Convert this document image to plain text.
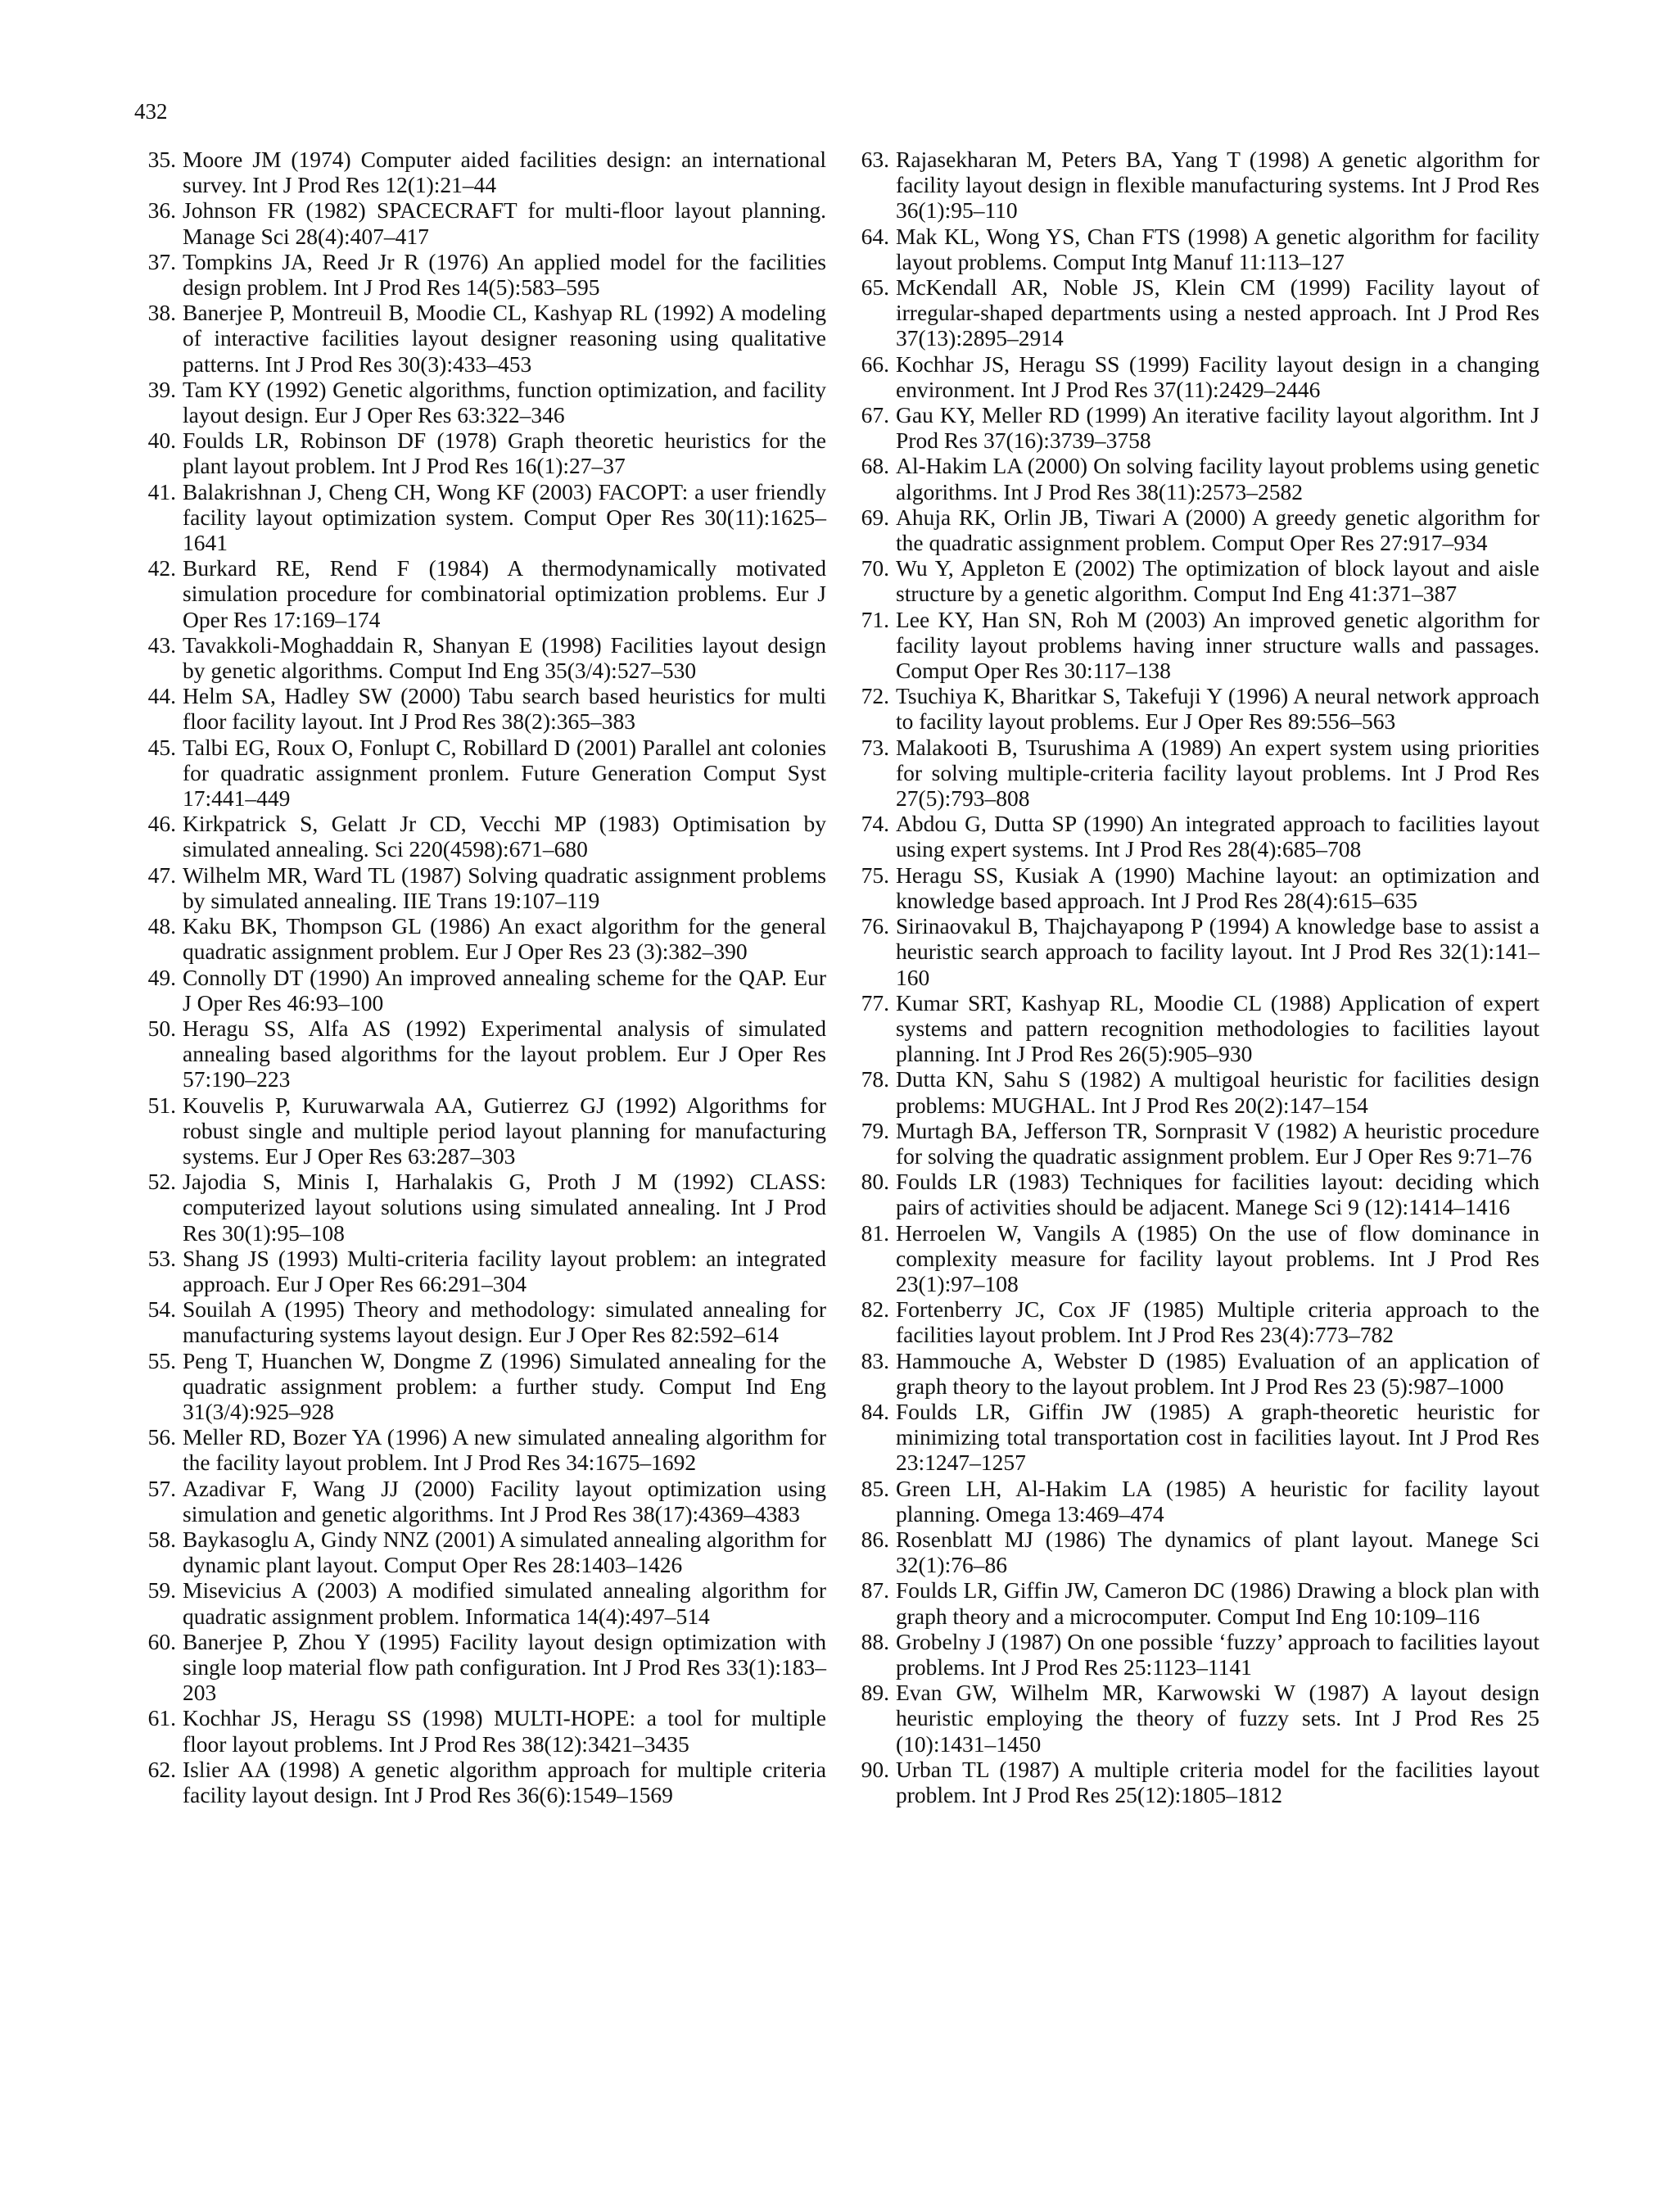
432
35. Moore JM (1974) Computer aided facilities design: an international survey. Int J Prod Res 12(1):21–44
36. Johnson FR (1982) SPACECRAFT for multi-floor layout planning. Manage Sci 28(4):407–417
37. Tompkins JA, Reed Jr R (1976) An applied model for the facilities design problem. Int J Prod Res 14(5):583–595
38. Banerjee P, Montreuil B, Moodie CL, Kashyap RL (1992) A modeling of interactive facilities layout designer reasoning using qualitative patterns. Int J Prod Res 30(3):433–453
39. Tam KY (1992) Genetic algorithms, function optimization, and facility layout design. Eur J Oper Res 63:322–346
40. Foulds LR, Robinson DF (1978) Graph theoretic heuristics for the plant layout problem. Int J Prod Res 16(1):27–37
41. Balakrishnan J, Cheng CH, Wong KF (2003) FACOPT: a user friendly facility layout optimization system. Comput Oper Res 30(11):1625–1641
42. Burkard RE, Rend F (1984) A thermodynamically motivated simulation procedure for combinatorial optimization problems. Eur J Oper Res 17:169–174
43. Tavakkoli-Moghaddain R, Shanyan E (1998) Facilities layout design by genetic algorithms. Comput Ind Eng 35(3/4):527–530
44. Helm SA, Hadley SW (2000) Tabu search based heuristics for multi floor facility layout. Int J Prod Res 38(2):365–383
45. Talbi EG, Roux O, Fonlupt C, Robillard D (2001) Parallel ant colonies for quadratic assignment pronlem. Future Generation Comput Syst 17:441–449
46. Kirkpatrick S, Gelatt Jr CD, Vecchi MP (1983) Optimisation by simulated annealing. Sci 220(4598):671–680
47. Wilhelm MR, Ward TL (1987) Solving quadratic assignment problems by simulated annealing. IIE Trans 19:107–119
48. Kaku BK, Thompson GL (1986) An exact algorithm for the general quadratic assignment problem. Eur J Oper Res 23 (3):382–390
49. Connolly DT (1990) An improved annealing scheme for the QAP. Eur J Oper Res 46:93–100
50. Heragu SS, Alfa AS (1992) Experimental analysis of simulated annealing based algorithms for the layout problem. Eur J Oper Res 57:190–223
51. Kouvelis P, Kuruwarwala AA, Gutierrez GJ (1992) Algorithms for robust single and multiple period layout planning for manufacturing systems. Eur J Oper Res 63:287–303
52. Jajodia S, Minis I, Harhalakis G, Proth J M (1992) CLASS: computerized layout solutions using simulated annealing. Int J Prod Res 30(1):95–108
53. Shang JS (1993) Multi-criteria facility layout problem: an integrated approach. Eur J Oper Res 66:291–304
54. Souilah A (1995) Theory and methodology: simulated annealing for manufacturing systems layout design. Eur J Oper Res 82:592–614
55. Peng T, Huanchen W, Dongme Z (1996) Simulated annealing for the quadratic assignment problem: a further study. Comput Ind Eng 31(3/4):925–928
56. Meller RD, Bozer YA (1996) A new simulated annealing algorithm for the facility layout problem. Int J Prod Res 34:1675–1692
57. Azadivar F, Wang JJ (2000) Facility layout optimization using simulation and genetic algorithms. Int J Prod Res 38(17):4369–4383
58. Baykasoglu A, Gindy NNZ (2001) A simulated annealing algorithm for dynamic plant layout. Comput Oper Res 28:1403–1426
59. Misevicius A (2003) A modified simulated annealing algorithm for quadratic assignment problem. Informatica 14(4):497–514
60. Banerjee P, Zhou Y (1995) Facility layout design optimization with single loop material flow path configuration. Int J Prod Res 33(1):183–203
61. Kochhar JS, Heragu SS (1998) MULTI-HOPE: a tool for multiple floor layout problems. Int J Prod Res 38(12):3421–3435
62. Islier AA (1998) A genetic algorithm approach for multiple criteria facility layout design. Int J Prod Res 36(6):1549–1569
63. Rajasekharan M, Peters BA, Yang T (1998) A genetic algorithm for facility layout design in flexible manufacturing systems. Int J Prod Res 36(1):95–110
64. Mak KL, Wong YS, Chan FTS (1998) A genetic algorithm for facility layout problems. Comput Intg Manuf 11:113–127
65. McKendall AR, Noble JS, Klein CM (1999) Facility layout of irregular-shaped departments using a nested approach. Int J Prod Res 37(13):2895–2914
66. Kochhar JS, Heragu SS (1999) Facility layout design in a changing environment. Int J Prod Res 37(11):2429–2446
67. Gau KY, Meller RD (1999) An iterative facility layout algorithm. Int J Prod Res 37(16):3739–3758
68. Al-Hakim LA (2000) On solving facility layout problems using genetic algorithms. Int J Prod Res 38(11):2573–2582
69. Ahuja RK, Orlin JB, Tiwari A (2000) A greedy genetic algorithm for the quadratic assignment problem. Comput Oper Res 27:917–934
70. Wu Y, Appleton E (2002) The optimization of block layout and aisle structure by a genetic algorithm. Comput Ind Eng 41:371–387
71. Lee KY, Han SN, Roh M (2003) An improved genetic algorithm for facility layout problems having inner structure walls and passages. Comput Oper Res 30:117–138
72. Tsuchiya K, Bharitkar S, Takefuji Y (1996) A neural network approach to facility layout problems. Eur J Oper Res 89:556–563
73. Malakooti B, Tsurushima A (1989) An expert system using priorities for solving multiple-criteria facility layout problems. Int J Prod Res 27(5):793–808
74. Abdou G, Dutta SP (1990) An integrated approach to facilities layout using expert systems. Int J Prod Res 28(4):685–708
75. Heragu SS, Kusiak A (1990) Machine layout: an optimization and knowledge based approach. Int J Prod Res 28(4):615–635
76. Sirinaovakul B, Thajchayapong P (1994) A knowledge base to assist a heuristic search approach to facility layout. Int J Prod Res 32(1):141–160
77. Kumar SRT, Kashyap RL, Moodie CL (1988) Application of expert systems and pattern recognition methodologies to facilities layout planning. Int J Prod Res 26(5):905–930
78. Dutta KN, Sahu S (1982) A multigoal heuristic for facilities design problems: MUGHAL. Int J Prod Res 20(2):147–154
79. Murtagh BA, Jefferson TR, Sornprasit V (1982) A heuristic procedure for solving the quadratic assignment problem. Eur J Oper Res 9:71–76
80. Foulds LR (1983) Techniques for facilities layout: deciding which pairs of activities should be adjacent. Manege Sci 9 (12):1414–1416
81. Herroelen W, Vangils A (1985) On the use of flow dominance in complexity measure for facility layout problems. Int J Prod Res 23(1):97–108
82. Fortenberry JC, Cox JF (1985) Multiple criteria approach to the facilities layout problem. Int J Prod Res 23(4):773–782
83. Hammouche A, Webster D (1985) Evaluation of an application of graph theory to the layout problem. Int J Prod Res 23 (5):987–1000
84. Foulds LR, Giffin JW (1985) A graph-theoretic heuristic for minimizing total transportation cost in facilities layout. Int J Prod Res 23:1247–1257
85. Green LH, Al-Hakim LA (1985) A heuristic for facility layout planning. Omega 13:469–474
86. Rosenblatt MJ (1986) The dynamics of plant layout. Manege Sci 32(1):76–86
87. Foulds LR, Giffin JW, Cameron DC (1986) Drawing a block plan with graph theory and a microcomputer. Comput Ind Eng 10:109–116
88. Grobelny J (1987) On one possible ‘fuzzy’ approach to facilities layout problems. Int J Prod Res 25:1123–1141
89. Evan GW, Wilhelm MR, Karwowski W (1987) A layout design heuristic employing the theory of fuzzy sets. Int J Prod Res 25 (10):1431–1450
90. Urban TL (1987) A multiple criteria model for the facilities layout problem. Int J Prod Res 25(12):1805–1812
